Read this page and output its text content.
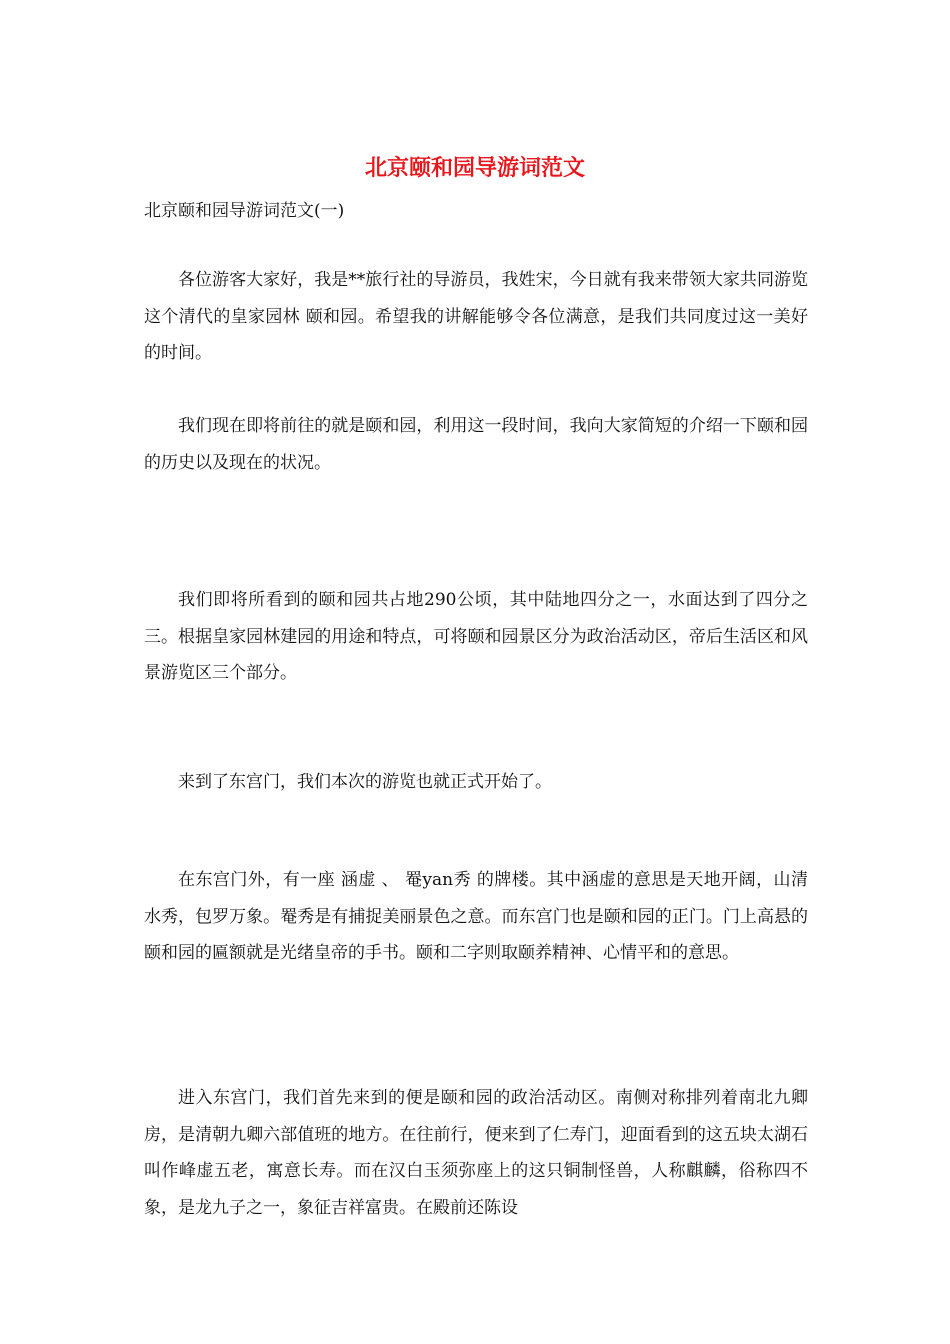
北京颐和园导游词范文

北京颐和园导游词范文(一)

各位游客大家好，我是**旅行社的导游员，我姓宋，今日就有我来带领大家共同游览这个清代的皇家园林 颐和园。希望我的讲解能够令各位满意，是我们共同度过这一美好的时间。

我们现在即将前往的就是颐和园，利用这一段时间，我向大家简短的介绍一下颐和园的历史以及现在的状况。

我们即将所看到的颐和园共占地290公顷，其中陆地四分之一，水面达到了四分之三。根据皇家园林建园的用途和特点，可将颐和园景区分为政治活动区，帝后生活区和风景游览区三个部分。

来到了东宫门，我们本次的游览也就正式开始了。

在东宫门外，有一座 涵虚 、 罨yan秀 的牌楼。其中涵虚的意思是天地开阔，山清水秀，包罗万象。罨秀是有捕捉美丽景色之意。而东宫门也是颐和园的正门。门上高悬的颐和园的匾额就是光绪皇帝的手书。颐和二字则取颐养精神、心情平和的意思。

进入东宫门，我们首先来到的便是颐和园的政治活动区。南侧对称排列着南北九卿房，是清朝九卿六部值班的地方。在往前行，便来到了仁寿门，迎面看到的这五块太湖石叫作峰虚五老，寓意长寿。而在汉白玉须弥座上的这只铜制怪兽，人称麒麟，俗称四不象，是龙九子之一，象征吉祥富贵。在殿前还陈设
